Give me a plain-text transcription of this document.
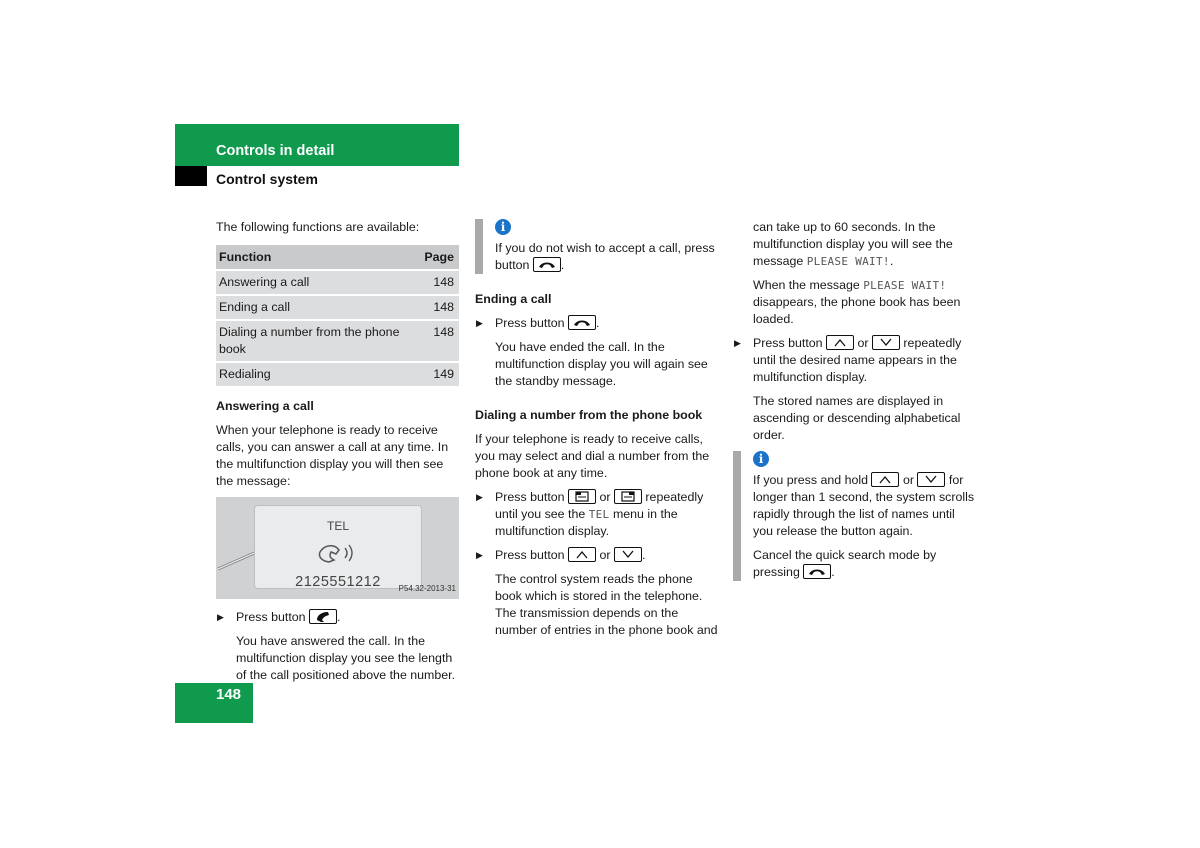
Controls in detail
Control system

The following functions are available:

Function	Page
Answering a call	148
Ending a call	148
Dialing a number from the phone book	148
Redialing	149
Answering a call

When your telephone is ready to receive calls, you can answer a call at any time. In the multifunction display you will then see the message:

TEL
2125551212	P54.32-2013-31
▶ Press button	.

You have answered the call. In the multifunction display you see the length of the call positioned above the number.

i
If you do not wish to accept a call, press button	.
Ending a call
▶ Press button	.

You have ended the call. In the multifunction display you will again see the standby message.

Dialing a number from the phone book

If your telephone is ready to receive calls, you may select and dial a number from the phone book at any time.

▶ Press button	or	repeatedly until you see the TEL menu in the multifunction display.
▶ Press button	or	.

The control system reads the phone book which is stored in the telephone. The transmission depends on the number of entries in the phone book and

can take up to 60 seconds. In the multifunction display you will see the message PLEASE WAIT!.

When the message PLEASE WAIT! disappears, the phone book has been loaded.

▶ Press button	or	repeatedly until the desired name appears in the multifunction display.

The stored names are displayed in ascending or descending alphabetical order.

i

If you press and hold	or	for longer than 1 second, the system scrolls rapidly through the list of names until you release the button again.

Cancel the quick search mode by pressing	.

148
